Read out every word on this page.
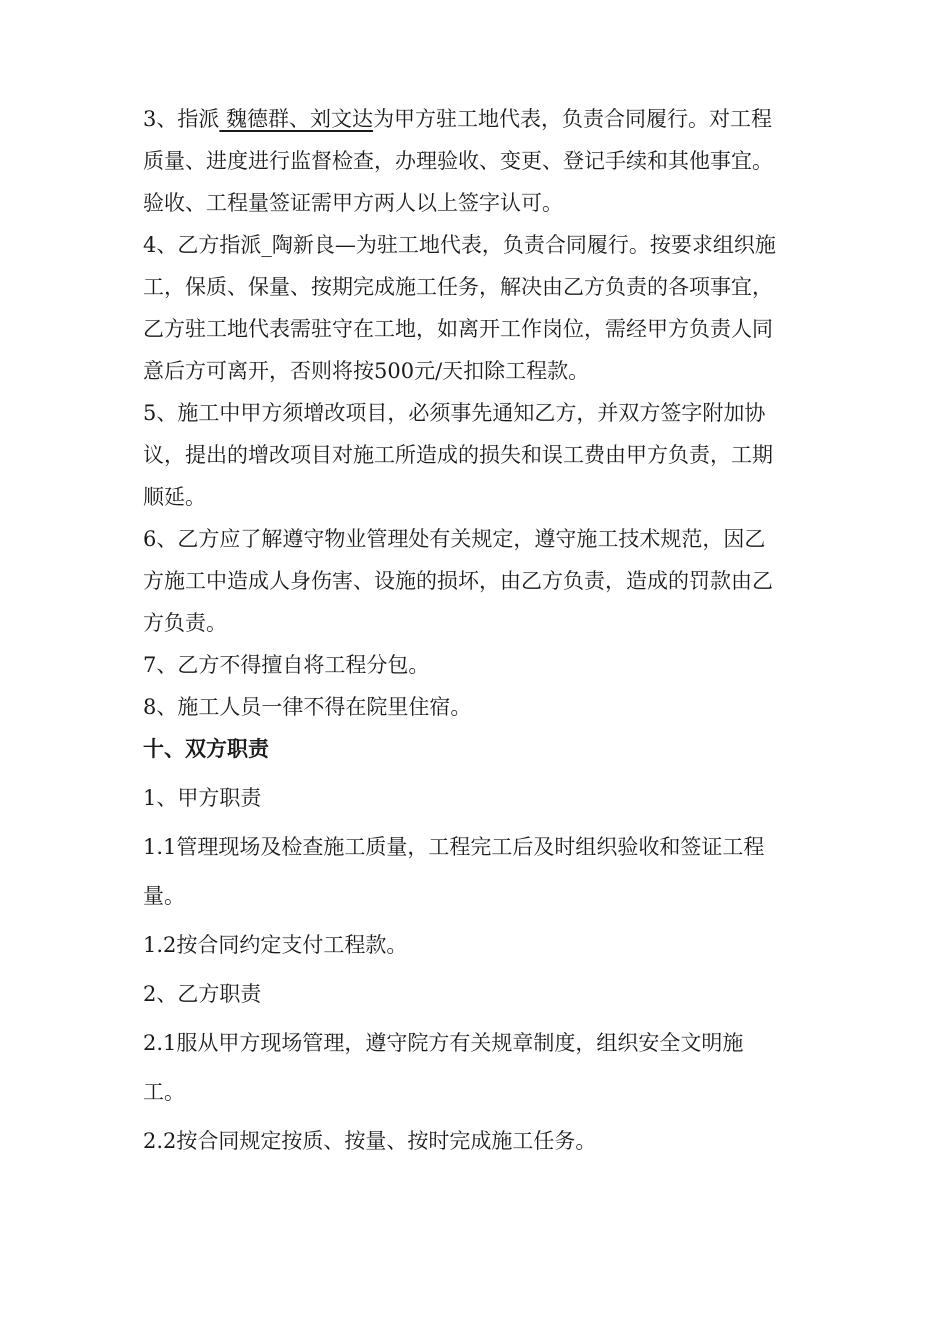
3、指派 魏德群、刘文达为甲方驻工地代表，负责合同履行。对工程
质量、进度进行监督检查，办理验收、变更、登记手续和其他事宜。
验收、工程量签证需甲方两人以上签字认可。
4、乙方指派_陶新良—为驻工地代表，负责合同履行。按要求组织施
工，保质、保量、按期完成施工任务，解决由乙方负责的各项事宜，
乙方驻工地代表需驻守在工地，如离开工作岗位，需经甲方负责人同
意后方可离开，否则将按500元/天扣除工程款。
5、施工中甲方须增改项目，必须事先通知乙方，并双方签字附加协
议，提出的增改项目对施工所造成的损失和误工费由甲方负责，工期
顺延。
6、乙方应了解遵守物业管理处有关规定，遵守施工技术规范，因乙
方施工中造成人身伤害、设施的损坏，由乙方负责，造成的罚款由乙
方负责。
7、乙方不得擅自将工程分包。
8、施工人员一律不得在院里住宿。
十、双方职责
1、甲方职责
1.1管理现场及检查施工质量，工程完工后及时组织验收和签证工程
量。
1.2按合同约定支付工程款。
2、乙方职责
2.1服从甲方现场管理，遵守院方有关规章制度，组织安全文明施
工。
2.2按合同规定按质、按量、按时完成施工任务。
